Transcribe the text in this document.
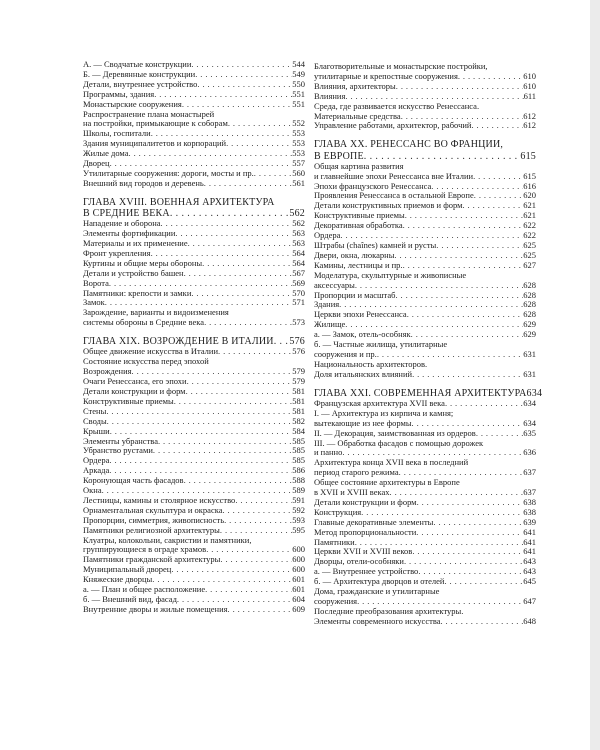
А. — Сводчатые конструкции . . .	544
Б. — Деревянные конструкции . . .	549
Детали, внутреннее устройство . . .	550
Программы, здания . . .	551
Монастырские сооружения . . .	551
Распространение плана монастырей
на постройки, примыкающие к соборам . . .	552
Школы, госпитали . . .	553
Здания муниципалитетов и корпораций . . .	553
Жилые дома . . .	553
Дворец . . .	557
Утилитарные сооружения: дороги, мосты и пр. . . .	560
Внешний вид городов и деревень . . .	561
ГЛАВА XVIII. ВОЕННАЯ АРХИТЕКТУРА
В СРЕДНИЕ ВЕКА . . .	562
Нападение и оборона . . .	562
Элементы фортификации . . .	563
Материалы и их применение . . .	563
Фронт укрепления . . .	564
Куртины и общие меры обороны . . .	564
Детали и устройство башен . . .	567
Ворота . . .	569
Памятники: крепости и замки . . .	570
Замок . . .	571
Зарождение, варианты и видоизменения
системы обороны в Средние века . . .	573
ГЛАВА XIX. ВОЗРОЖДЕНИЕ В ИТАЛИИ . . . 576
Общее движение искусства в Италии . . .	576
Состояние искусства перед эпохой
Возрождения . . .	579
Очаги Ренессанса, его эпохи . . .	579
Детали конструкции и форм . . .	581
Конструктивные приемы . . .	581
Стены . . .	581
Своды . . .	582
Крыши . . .	584
Элементы убранства . . .	585
Убранство рустами . . .	585
Ордера . . .	585
Аркада . . .	586
Коронующая часть фасадов . . .	588
Окна . . .	589
Лестницы, камины и столярное искусство . . .	591
Орнаментальная скульптура и окраска . . .	592
Пропорции, симметрия, живописность . . .	593
Памятники религиозной архитектуры . . .	595
Клуатры, колокольни, сакристии и памятники,
группирующиеся в ограде храмов . . .	600
Памятники гражданской архитектуры . . .	600
Муниципальный дворец . . .	600
Княжеские дворцы . . .	601
а. — План и общее расположение . . .	601
б. — Внешний вид, фасад . . .	604
Внутренние дворы и жилые помещения . . .	609
Благотворительные и монастырские постройки,
утилитарные и крепостные сооружения . . .	610
Влияния, архитекторы . . .	610
Влияния . . .	611
Среда, где развивается искусство Ренессанса.
Материальные средства . . .	612
Управление работами, архитектор, рабочий . . .	612
ГЛАВА XX. РЕНЕССАНС ВО ФРАНЦИИ,
В ЕВРОПЕ . . .	615
Общая картина развития
и главнейшие эпохи Ренессанса вне Италии . . .	615
Эпохи французского Ренессанса . . .	616
Проявления Ренессанса в остальной Европе . . .	620
Детали конструктивных приемов и форм . . .	621
Конструктивные приемы . . .	621
Декоративная обработка . . .	622
Ордера . . .	622
Штрабы (chaînes) камней и русты . . .	625
Двери, окна, люкарны . . .	625
Камины, лестницы и пр. . . .	627
Моделатура, скульптурные и живописные
аксессуары . . .	628
Пропорции и масштаб . . .	628
Здания . . .	628
Церкви эпохи Ренессанса . . .	628
Жилище . . .	629
а. — Замок, отель-особняк . . .	629
б. — Частные жилища, утилитарные
сооружения и пр. . . .	631
Национальность архитекторов.
Доля итальянских влияний . . .	631
ГЛАВА XXI. СОВРЕМЕННАЯ АРХИТЕКТУРА 634
Французская архитектура XVII века . . .	634
I. — Архитектура из кирпича и камня;
вытекающие из нее формы . . .	634
II. — Декорация, заимствованная из ордеров . . .	635
III. — Обработка фасадов с помощью дорожек
и панно . . .	636
Архитектура конца XVII века в последний
период старого режима . . .	637
Общее состояние архитектуры в Европе
в XVII и XVIII веках . . .	637
Детали конструкции и форм . . .	638
Конструкция . . .	638
Главные декоративные элементы . . .	639
Метод пропорциональности . . .	641
Памятники . . .	641
Церкви XVII и XVIII веков . . .	641
Дворцы, отели-особняки . . .	643
а. — Внутреннее устройство . . .	643
б. — Архитектура дворцов и отелей . . .	645
Дома, гражданские и утилитарные
сооружения . . .	647
Последние преобразования архитектуры.
Элементы современного искусства . . .	648
